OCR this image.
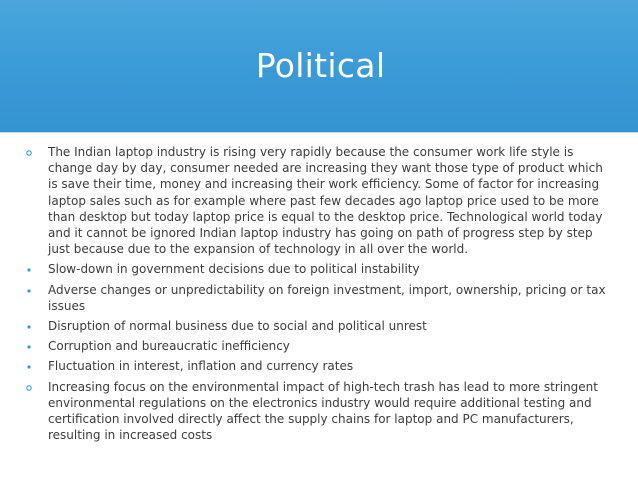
Political
The Indian laptop industry is rising very rapidly because the consumer work life style is change day by day, consumer needed are increasing they want those type of product which is save their time, money and increasing their work efficiency. Some of factor for increasing laptop sales such as for example where past few decades ago laptop price used to be more than desktop but today laptop price is equal to the desktop price. Technological world today and it cannot be ignored Indian laptop industry has going on path of progress step by step just because due to the expansion of technology in all over the world.
Slow-down in government decisions due to political instability
Adverse changes or unpredictability on foreign investment, import, ownership, pricing or tax issues
Disruption of normal business due to social and political unrest
Corruption and bureaucratic inefficiency
Fluctuation in interest, inflation and currency rates
Increasing focus on the environmental impact of high-tech trash has lead to more stringent environmental regulations on the electronics industry would require additional testing and certification involved directly affect the supply chains for laptop and PC manufacturers, resulting in increased costs
